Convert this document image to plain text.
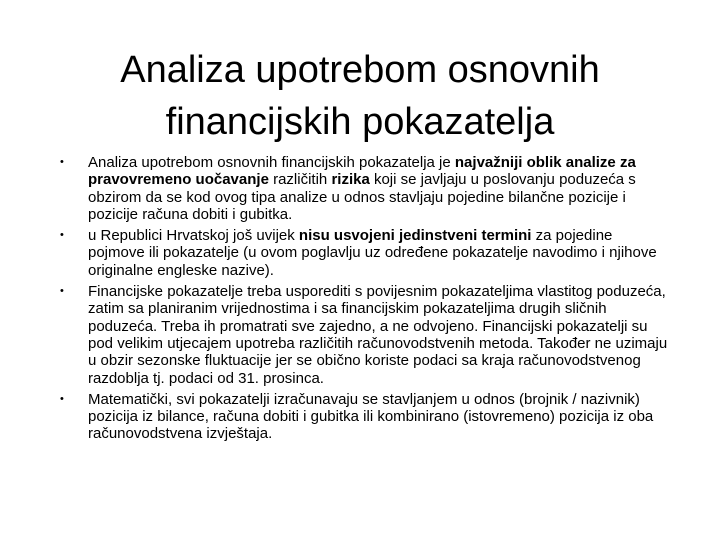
Analiza upotrebom osnovnih
financijskih pokazatelja
• Analiza upotrebom osnovnih financijskih pokazatelja je najvažniji oblik analize za pravovremeno uočavanje različitih rizika koji se javljaju u poslovanju poduzeća s obzirom da se kod ovog tipa analize u odnos stavljaju pojedine bilančne pozicije i pozicije računa dobiti i gubitka.
• u Republici Hrvatskoj još uvijek nisu usvojeni jedinstveni termini za pojedine pojmove ili pokazatelje (u ovom poglavlju uz određene pokazatelje navodimo i njihove originalne engleske nazive).
• Financijske pokazatelje treba usporediti s povijesnim pokazateljima vlastitog poduzeća, zatim sa planiranim vrijednostima i sa financijskim pokazateljima drugih sličnih poduzeća. Treba ih promatrati sve zajedno, a ne odvojeno. Financijski pokazatelji su pod velikim utjecajem upotreba različitih računovodstvenih metoda. Također ne uzimaju u obzir sezonske fluktuacije jer se obično koriste podaci sa kraja računovodstvenog razdoblja tj. podaci od 31. prosinca.
• Matematički, svi pokazatelji izračunavaju se stavljanjem u odnos (brojnik / nazivnik) pozicija iz bilance, računa dobiti i gubitka ili kombinirano (istovremeno) pozicija iz oba računovodstvena izvještaja.
